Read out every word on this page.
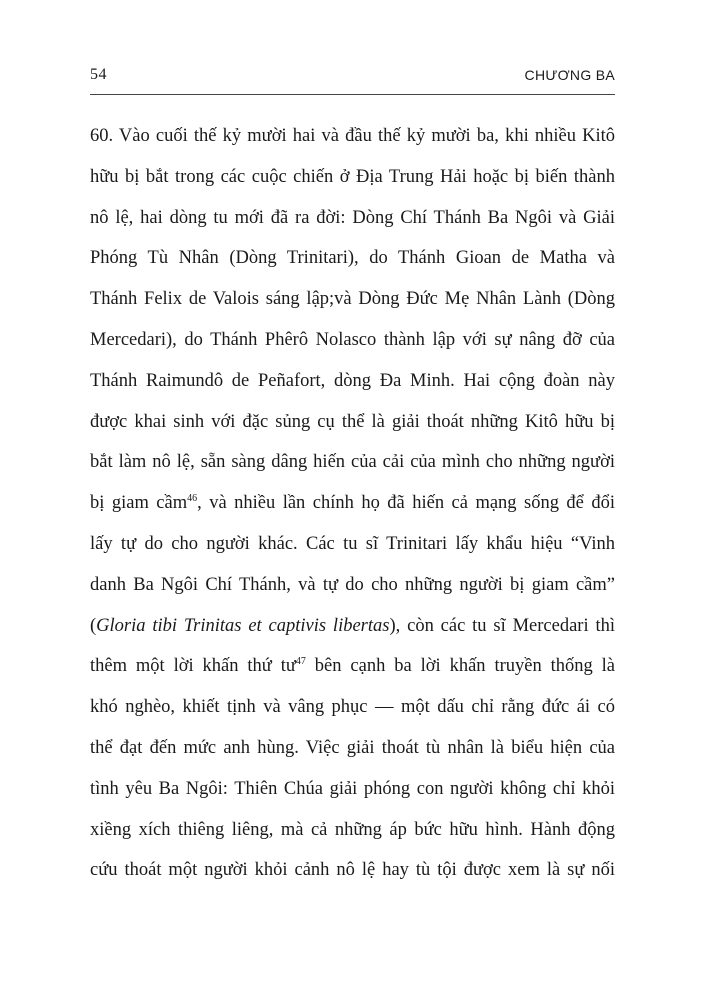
54	CHƯƠNG BA
60. Vào cuối thế kỷ mười hai và đầu thế kỷ mười ba, khi nhiều Kitô
hữu bị bắt trong các cuộc chiến ở Địa Trung Hải hoặc bị biến thành
nô lệ, hai dòng tu mới đã ra đời: Dòng Chí Thánh Ba Ngôi và Giải
Phóng Tù Nhân (Dòng Trinitari), do Thánh Gioan de Matha và
Thánh Felix de Valois sáng lập;và Dòng Đức Mẹ Nhân Lành (Dòng
Mercedari), do Thánh Phêrô Nolasco thành lập với sự nâng đỡ của
Thánh Raimundô de Peñafort, dòng Đa Minh. Hai cộng đoàn này
được khai sinh với đặc sủng cụ thể là giải thoát những Kitô hữu bị
bắt làm nô lệ, sẵn sàng dâng hiến của cải của mình cho những người
bị giam cầm$^{46}$, và nhiều lần chính họ đã hiến cả mạng sống để đổi
lấy tự do cho người khác. Các tu sĩ Trinitari lấy khẩu hiệu “Vinh
danh Ba Ngôi Chí Thánh, và tự do cho những người bị giam cầm”
(Gloria tibi Trinitas et captivis libertas), còn các tu sĩ Mercedari thì
thêm một lời khấn thứ $tư^{47}$ bên cạnh ba lời khấn truyền thống là
khó nghèo, khiết tịnh và vâng phục — một dấu chỉ rằng đức ái có
thể đạt đến mức anh hùng. Việc giải thoát tù nhân là biểu hiện của
tình yêu Ba Ngôi: Thiên Chúa giải phóng con người không chỉ khỏi
xiềng xích thiêng liêng, mà cả những áp bức hữu hình. Hành động
cứu thoát một người khỏi cảnh nô lệ hay tù tội được xem là sự nối
